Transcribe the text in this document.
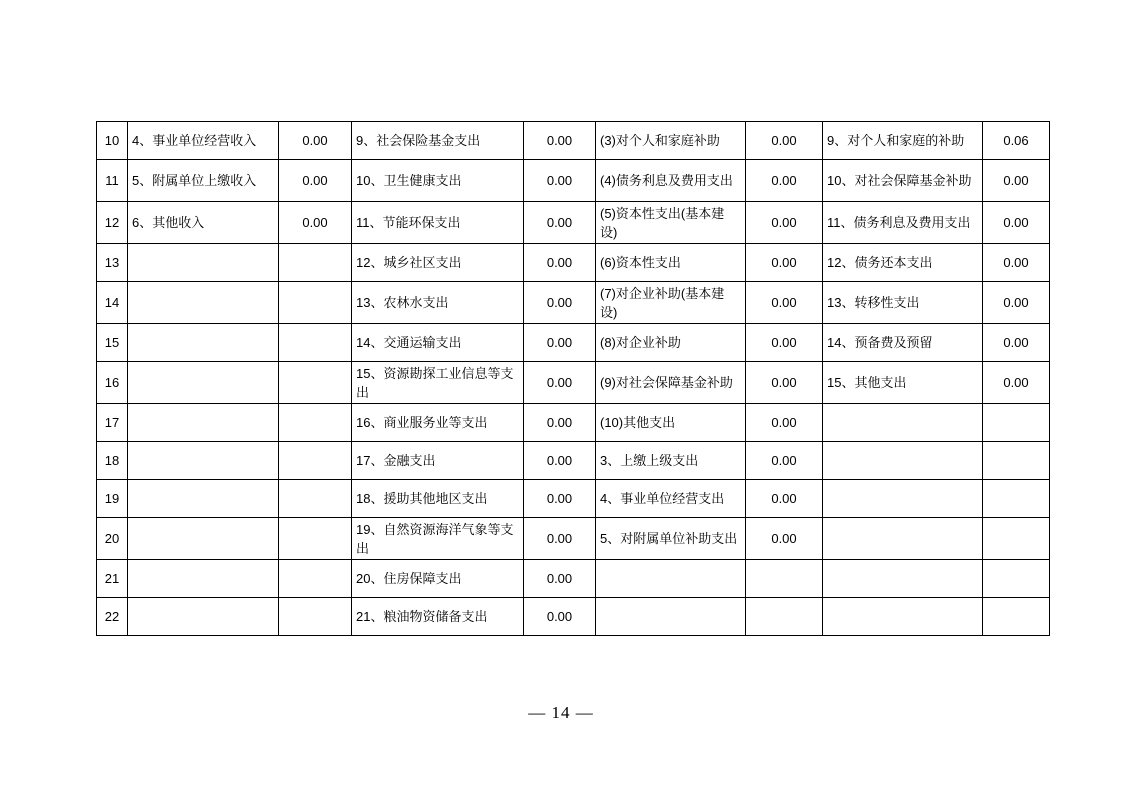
10	4、事业单位经营收入	0.00	9、社会保险基金支出	0.00	(3)对个人和家庭补助	0.00	9、对个人和家庭的补助	0.06
11	5、附属单位上缴收入	0.00	10、卫生健康支出	0.00	(4)债务利息及费用支出	0.00	10、对社会保障基金补助	0.00
12	6、其他收入	0.00	11、节能环保支出	0.00	(5)资本性支出(基本建设)	0.00	11、债务利息及费用支出	0.00
13			12、城乡社区支出	0.00	(6)资本性支出	0.00	12、债务还本支出	0.00
14			13、农林水支出	0.00	(7)对企业补助(基本建设)	0.00	13、转移性支出	0.00
15			14、交通运输支出	0.00	(8)对企业补助	0.00	14、预备费及预留	0.00
16			15、资源勘探工业信息等支出	0.00	(9)对社会保障基金补助	0.00	15、其他支出	0.00
17			16、商业服务业等支出	0.00	(10)其他支出	0.00		
18			17、金融支出	0.00	3、上缴上级支出	0.00		
19			18、援助其他地区支出	0.00	4、事业单位经营支出	0.00		
20			19、自然资源海洋气象等支出	0.00	5、对附属单位补助支出	0.00		
21			20、住房保障支出	0.00				
22			21、粮油物资储备支出	0.00				
— 14 —
